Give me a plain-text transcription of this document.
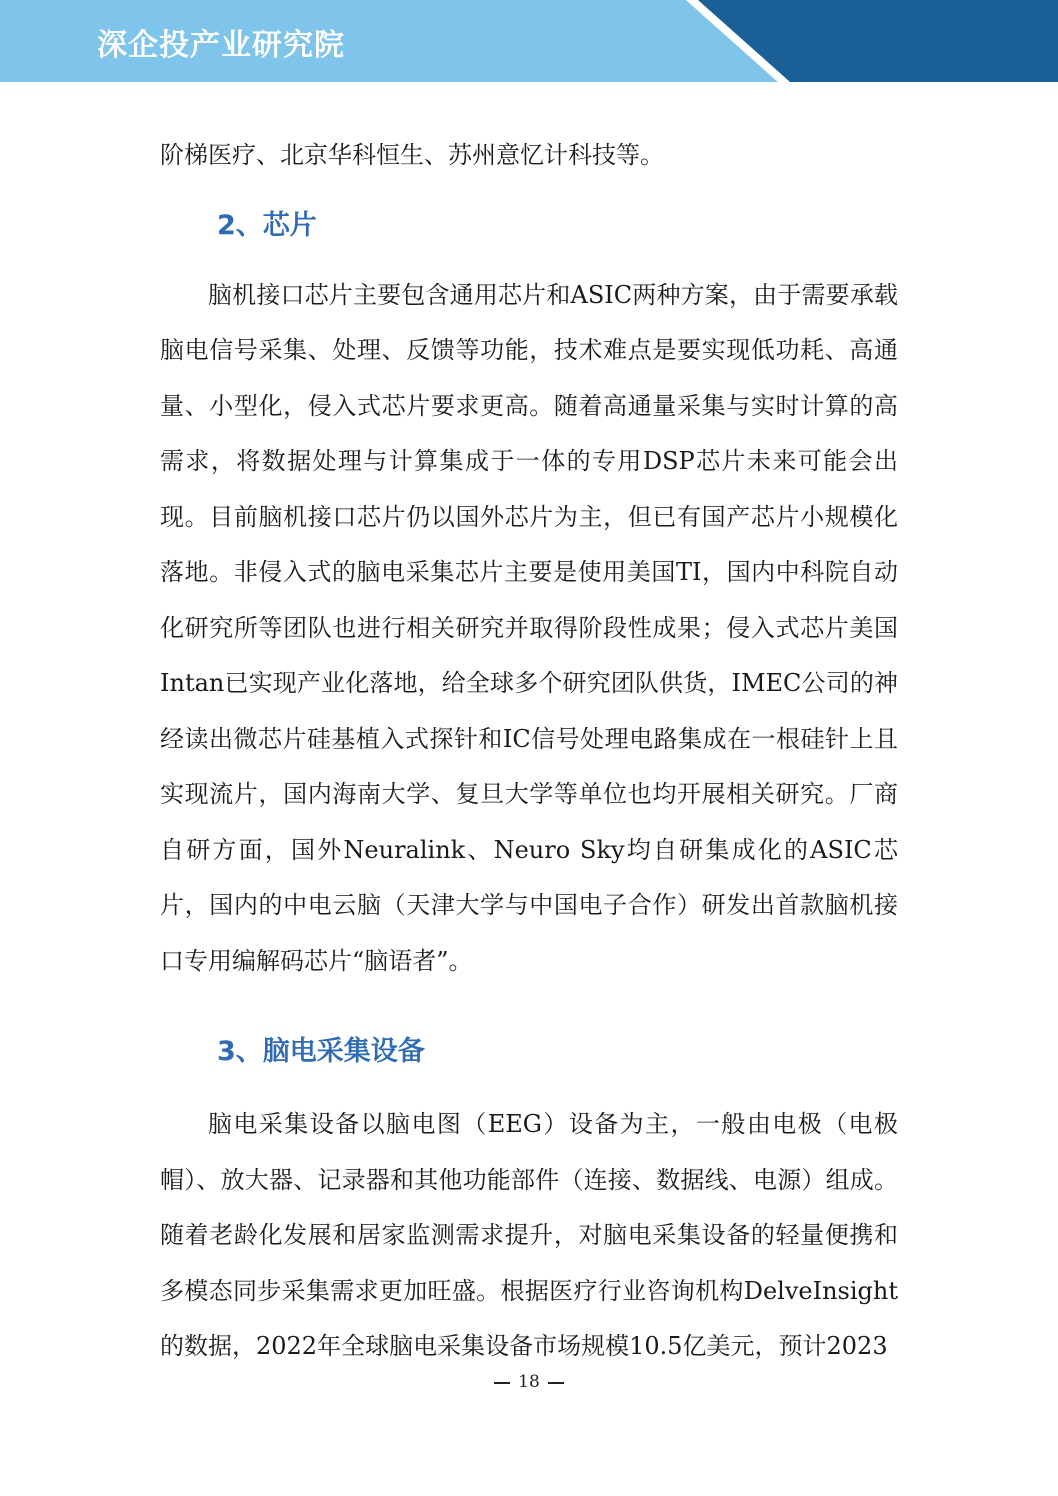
深企投产业研究院

阶梯医疗、北京华科恒生、苏州意忆计科技等。

2、芯片

脑机接口芯片主要包含通用芯片和ASIC两种方案，由于需要承载脑电信号采集、处理、反馈等功能，技术难点是要实现低功耗、高通量、小型化，侵入式芯片要求更高。随着高通量采集与实时计算的高需求，将数据处理与计算集成于一体的专用DSP芯片未来可能会出现。目前脑机接口芯片仍以国外芯片为主，但已有国产芯片小规模化落地。非侵入式的脑电采集芯片主要是使用美国TI，国内中科院自动化研究所等团队也进行相关研究并取得阶段性成果；侵入式芯片美国Intan已实现产业化落地，给全球多个研究团队供货，IMEC公司的神经读出微芯片硅基植入式探针和IC信号处理电路集成在一根硅针上且实现流片，国内海南大学、复旦大学等单位也均开展相关研究。厂商自研方面，国外Neuralink、Neuro Sky均自研集成化的ASIC芯片，国内的中电云脑（天津大学与中国电子合作）研发出首款脑机接口专用编解码芯片“脑语者”。

3、脑电采集设备

脑电采集设备以脑电图（EEG）设备为主，一般由电极（电极帽）、放大器、记录器和其他功能部件（连接、数据线、电源）组成。随着老龄化发展和居家监测需求提升，对脑电采集设备的轻量便携和多模态同步采集需求更加旺盛。根据医疗行业咨询机构DelveInsight的数据，2022年全球脑电采集设备市场规模10.5亿美元，预计2023

18
